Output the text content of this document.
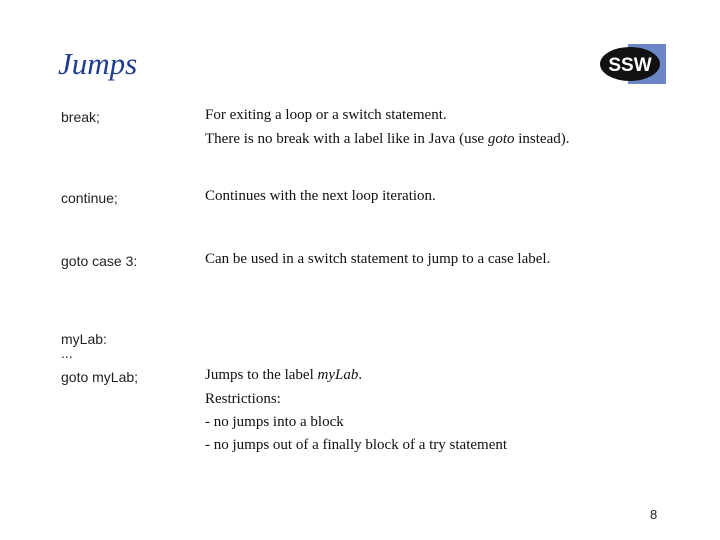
Jumps	SSW
break;	For exiting a loop or a switch statement.
There is no break with a label like in Java (use goto instead).
continue;	Continues with the next loop iteration.
goto case 3:	Can be used in a switch statement to jump to a case label.
myLab:
...
goto myLab;	Jumps to the label myLab.
Restrictions:
- no jumps into a block
- no jumps out of a finally block of a try statement
8
